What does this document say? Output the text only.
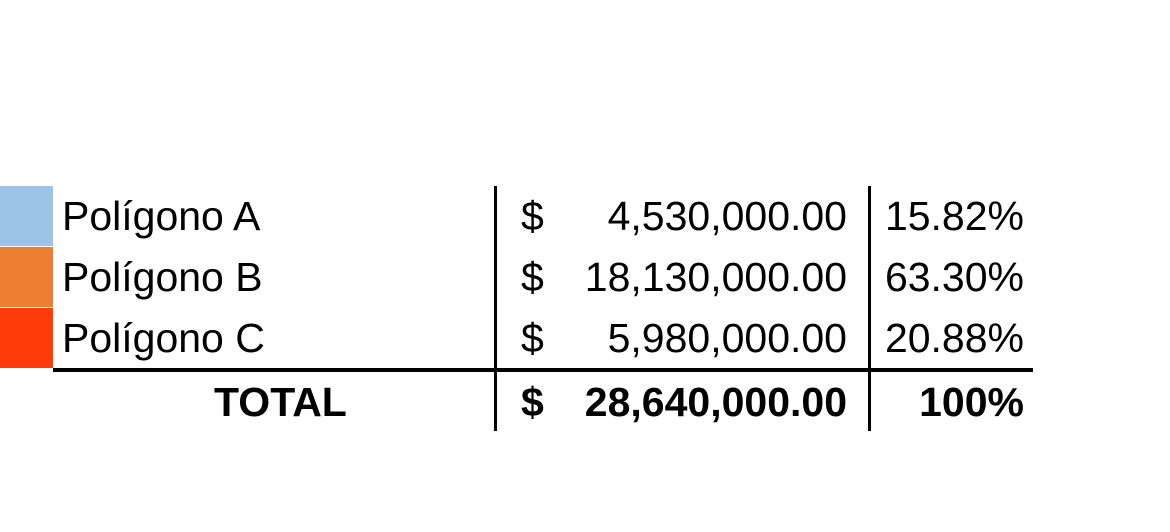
Polígono A	$ 4,530,000.00 15.82%
Polígono B	$ 18,130,000.00 63.30%
Polígono C	$ 5,980,000.00 20.88%
TOTAL	$ 28,640,000.00 100%
